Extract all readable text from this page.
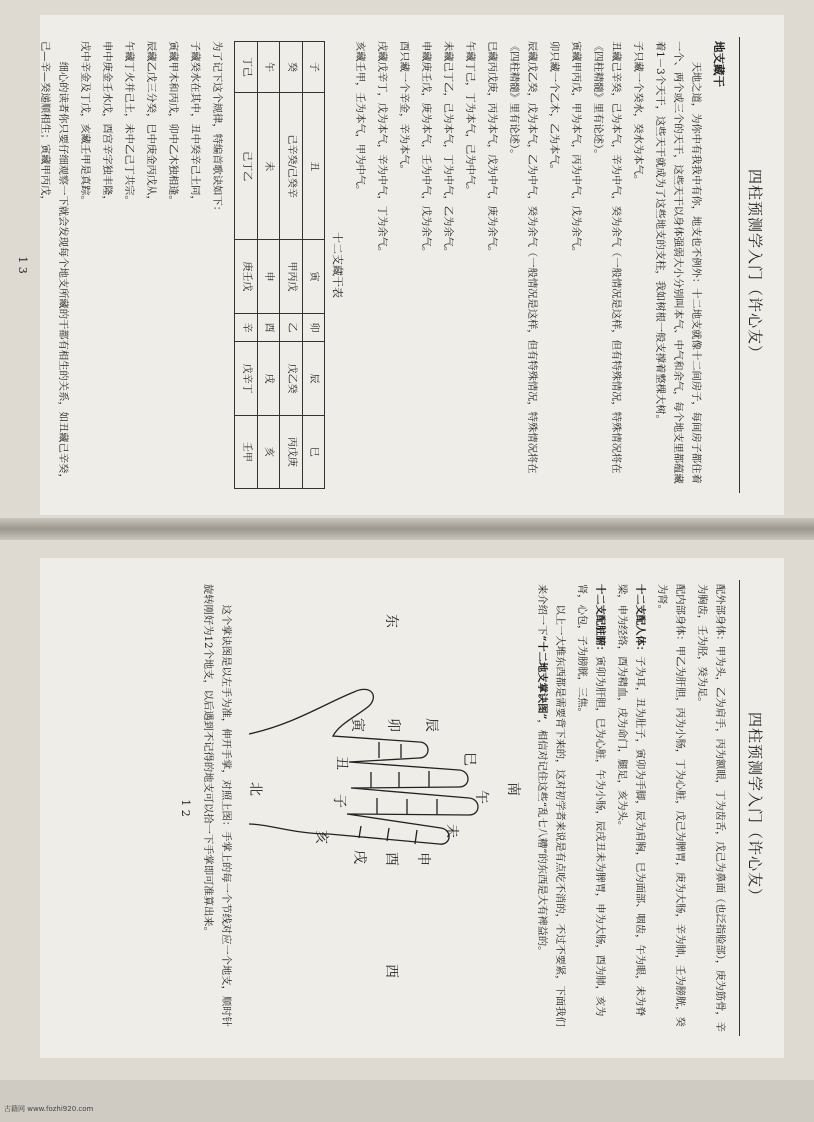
四柱预测学入门（许心友）

地支藏干

天地之道，为你中有我我中有你，地支也不例外：十二地支就像十二间房子，每间房子都住着一个、两个或三个的天干，这些天干以身体强弱大小分别叫本气、中气和余气，每个地支里都蕴藏着1－3个天干，这些天干就成为了这些地支的支柱，我如树根一般支撑着整棵大树。

子只藏一个癸水，癸水为本气。

丑藏己辛癸，己为本气，辛为中气，癸为余气（一般情况是这样，但有特殊情况，特殊情况将在《四柱精髓》里有论述）。

寅藏甲丙戊，甲为本气，丙为中气，戊为余气。

卯只藏一个乙木，乙为本气。

辰藏戊乙癸，戊为本气，乙为中气，癸为余气（一般情况是这样，但有特殊情况，特殊情况将在《四柱精髓》里有论述）。

巳藏丙戊庚，丙为本气，戊为中气，庚为余气。

午藏丁己，丁为本气，己为中气。

未藏己丁乙，己为本气，丁为中气，乙为余气。

申藏庚壬戊，庚为本气，壬为中气，戊为余气。

酉只藏一个辛金，辛为本气。

戌藏戊辛丁，戊为本气，辛为中气，丁为余气。

亥藏壬甲，壬为本气，甲为中气。

十二支藏干表
子	丑	寅	卯	辰	巳
癸	己辛癸/己癸辛	甲丙戊	乙	戊乙癸	丙戊庚
午	未	申	酉	戌	亥
丁己	己丁乙	庚壬戊	辛	戊辛丁	壬甲

为了记下这个规律，特编首歌诀如下：

子藏癸水在其中，丑中癸辛己土同，

寅藏甲木和丙戊，卯中乙木独相逢。

辰藏乙戊三分癸，巳中庚金丙戊从，

午藏丁火并己土，未中乙己丁共宗。

申中庚金壬水戊，酉宫辛字独丰隆，

戌中辛金及丁戊，亥藏壬甲是真踪。

细心的读者你只要仔细观察一下就会发现每个地支所藏的干都有相生的关系，如丑藏己辛癸，己—辛—癸递顺相生；寅藏甲丙戊，

1 3
四柱预测学入门（许心友）

配外部身体：甲为头，乙为肩手，丙为额眼，丁为齿舌，戊己为鼻面（也泛指脸部），庚为筋骨，辛为胸齿，壬为胫，癸为足。

配内部身体：甲乙为肝胆，丙为小肠，丁为心脏，戊己为脾胃，庚为大肠，辛为肺，壬为膀胱，癸为肾。

十二支配人体：子为耳，丑为肚子，寅卯为手脚，辰为肩胸，巳为面部、咽齿，午为眼，未为脊梁，申为经络，酉为精血，戌为命门，腿足，亥为头。

十二支配脏腑：寅卯为肝胆，巳为心脏，午为小肠，辰戌丑未为脾胃，申为大肠，酉为肺，亥为肾，心包，子为膀胱，三焦。

以上一大堆东西都是需要背下来的，这对初学者来说是有点吃不消的，不过不要紧，下面我们来介绍一下“十二地支掌诀图”，相信对记住这些“乱七八糟”的东西是大有裨益的。

巳
午
未
申
辰
酉
卯
戌
寅
丑
子
亥
南
西
东
北

这个掌诀图是以左手为准，伸开手掌，对照上图：手掌上的每一个节线对应一个地支，顺时针旋转刚好为12个地支，以后遇到不记得的地支可以拾一下手掌即可准算出来。

1 2
古籍网 www.fozhi920.com
